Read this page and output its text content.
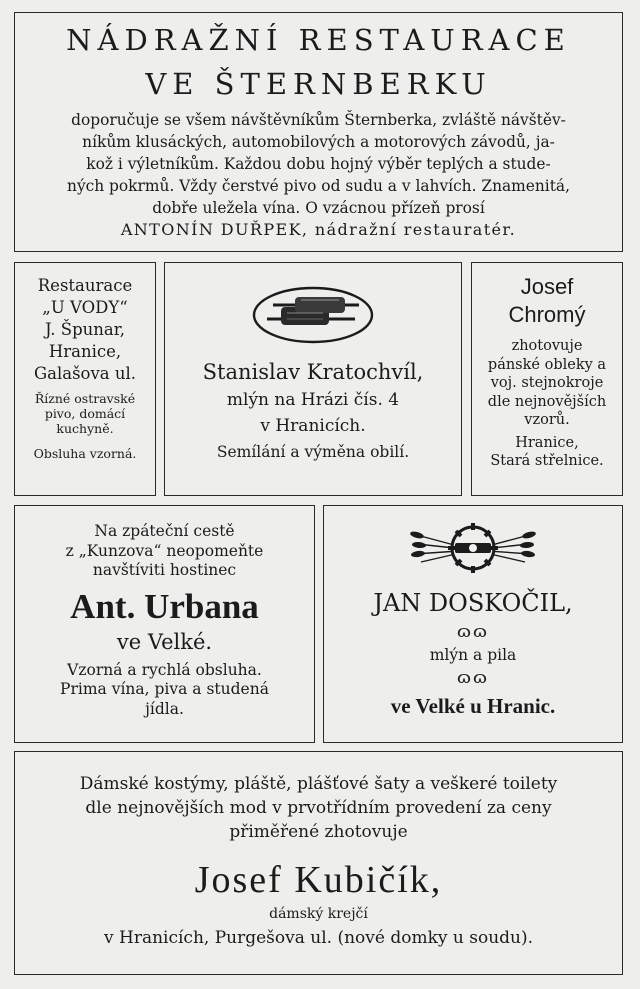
NÁDRAŽNÍ RESTAURACE
VE ŠTERNBERKU
doporučuje se všem návštěvníkům Šternberka, zvláště návštěv-
níkům klusáckých, automobilových a motorových závodů, ja-
kož i výletníkům. Každou dobu hojný výběr teplých a stude-
ných pokrmů. Vždy čerstvé pivo od sudu a v lahvích. Znamenitá,
dobře uležela vína. O vzácnou přízeň prosí
ANTONÍN DUŘPEK, nádražní restauratér.
Restaurace
„U VODY“
J. Špunar,
Hranice,
Galašova ul.
Řízné ostravské
pivo, domácí
kuchyně.
Obsluha vzorná.
Stanislav Kratochvíl,
mlýn na Hrázi čís. 4
v Hranicích.
Semílání a výměna obilí.
Josef
Chromý
zhotovuje
pánské obleky a
voj. stejnokroje
dle nejnovějších
vzorů.
Hranice,
Stará střelnice.
Na zpáteční cestě
z „Kunzova“ neopomeňte
navštíviti hostinec
Ant. Urbana
ve Velké.
Vzorná a rychlá obsluha.
Prima vína, piva a studená
jídla.
JAN DOSKOČIL,
ɷɷ
mlýn a pila
ɷɷ
ve Velké u Hranic.
Dámské kostýmy, pláště, plášťové šaty a veškeré toilety
dle nejnovějších mod v prvotřídním provedení za ceny
přiměřené zhotovuje
Josef Kubičík,
dámský krejčí
v Hranicích, Purgešova ul. (nové domky u soudu).
